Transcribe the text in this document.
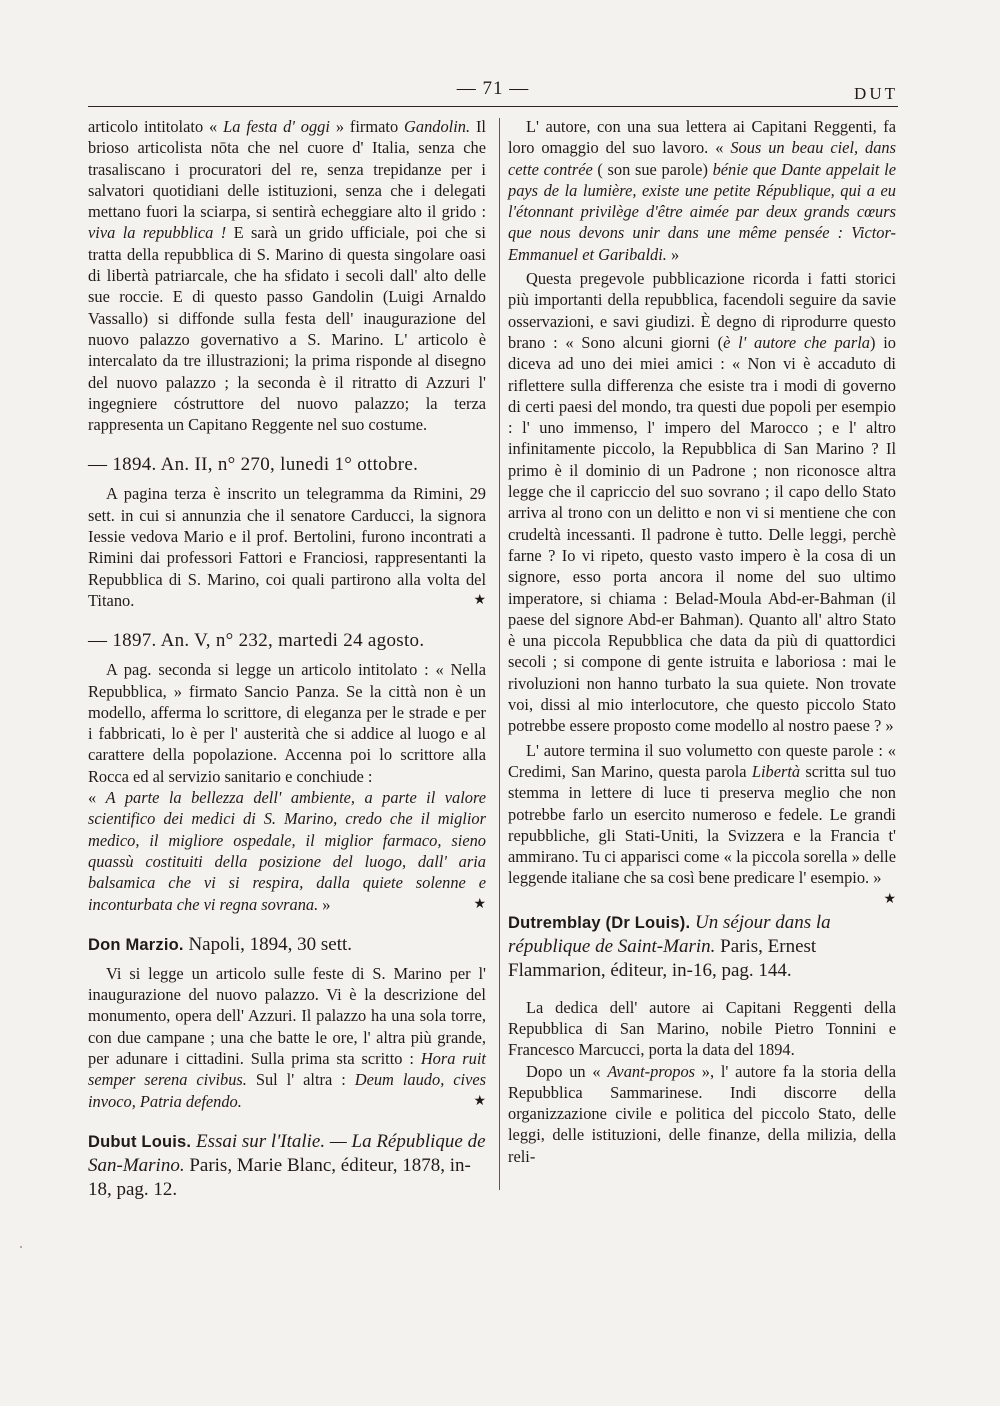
— 71 —	DUT

articolo intitolato « La festa d' oggi » firmato Gandolin. Il brioso articolista nōta che nel cuore d' Italia, senza che trasaliscano i procuratori del re, senza trepidanze per i salvatori quotidiani delle istituzioni, senza che i delegati mettano fuori la sciarpa, si sentirà echeggiare alto il grido : viva la repubblica ! E sarà un grido ufficiale, poi che si tratta della repubblica di S. Marino di questa singolare oasi di libertà patriarcale, che ha sfidato i secoli dall' alto delle sue roccie. E di questo passo Gandolin (Luigi Arnaldo Vassallo) si diffonde sulla festa dell' inaugurazione del nuovo palazzo governativo a S. Marino. L' articolo è intercalato da tre illustrazioni; la prima risponde al disegno del nuovo palazzo ; la seconda è il ritratto di Azzuri l' ingegniere cóstruttore del nuovo palazzo; la terza rappresenta un Capitano Reggente nel suo costume.

— 1894. An. II, n° 270, lunedi 1° ottobre.

A pagina terza è inscrito un telegramma da Rimini, 29 sett. in cui si annunzia che il senatore Carducci, la signora Iessie vedova Mario e il prof. Bertolini, furono incontrati a Rimini dai professori Fattori e Franciosi, rappresentanti la Repubblica di S. Marino, coi quali partirono alla volta del Titano.	★

— 1897. An. V, n° 232, martedi 24 agosto.

A pag. seconda si legge un articolo intitolato : « Nella Repubblica, » firmato Sancio Panza. Se la città non è un modello, afferma lo scrittore, di eleganza per le strade e per i fabbricati, lo è per l' austerità che si addice al luogo e al carattere della popolazione. Accenna poi lo scrittore alla Rocca ed al servizio sanitario e conchiude :

« A parte la bellezza dell' ambiente, a parte il valore scientifico dei medici di S. Marino, credo che il miglior medico, il migliore ospedale, il miglior farmaco, sieno quassù costituiti della posizione del luogo, dall' aria balsamica che vi si respira, dalla quiete solenne e inconturbata che vi regna sovrana. »	★

Don Marzio. Napoli, 1894, 30 sett.

Vi si legge un articolo sulle feste di S. Marino per l' inaugurazione del nuovo palazzo. Vi è la descrizione del monumento, opera dell' Azzuri. Il palazzo ha una sola torre, con due campane ; una che batte le ore, l' altra più grande, per adunare i cittadini. Sulla prima sta scritto : Hora ruit semper serena civibus. Sul l' altra : Deum laudo, cives invoco, Patria defendo.	★

Dubut Louis. Essai sur l'Italie. — La République de San-Marino. Paris, Marie Blanc, éditeur, 1878, in-18, pag. 12.

L' autore, con una sua lettera ai Capitani Reggenti, fa loro omaggio del suo lavoro. « Sous un beau ciel, dans cette contrée ( son sue parole) bénie que Dante appelait le pays de la lumière, existe une petite République, qui a eu l'étonnant privilège d'être aimée par deux grands cœurs que nous devons unir dans une même pensée : Victor-Emmanuel et Garibaldi. »

Questa pregevole pubblicazione ricorda i fatti storici più importanti della repubblica, facendoli seguire da savie osservazioni, e savi giudizi. È degno di riprodurre questo brano : « Sono alcuni giorni (è l' autore che parla) io diceva ad uno dei miei amici : « Non vi è accaduto di riflettere sulla differenza che esiste tra i modi di governo di certi paesi del mondo, tra questi due popoli per esempio : l' uno immenso, l' impero del Marocco ; e l' altro infinitamente piccolo, la Repubblica di San Marino ? Il primo è il dominio di un Padrone ; non riconosce altra legge che il capriccio del suo sovrano ; il capo dello Stato arriva al trono con un delitto e non vi si mentiene che con crudeltà incessanti. Il padrone è tutto. Delle leggi, perchè farne ? Io vi ripeto, questo vasto impero è la cosa di un signore, esso porta ancora il nome del suo ultimo imperatore, si chiama : Belad-Moula Abd-er-Bahman (il paese del signore Abd-er Bahman). Quanto all' altro Stato è una piccola Repubblica che data da più di quattordici secoli ; si compone di gente istruita e laboriosa : mai le rivoluzioni non hanno turbato la sua quiete. Non trovate voi, dissi al mio interlocutore, che questo piccolo Stato potrebbe essere proposto come modello al nostro paese ? »

L' autore termina il suo volumetto con queste parole : « Credimi, San Marino, questa parola Libertà scritta sul tuo stemma in lettere di luce ti preserva meglio che non potrebbe farlo un esercito numeroso e fedele. Le grandi repubbliche, gli Stati-Uniti, la Svizzera e la Francia t' ammirano. Tu ci apparisci come « la piccola sorella » delle leggende italiane che sa così bene predicare l' esempio. »
★

Dutremblay (Dr Louis). Un séjour dans la république de Saint-Marin. Paris, Ernest Flammarion, éditeur, in-16, pag. 144.

La dedica dell' autore ai Capitani Reggenti della Repubblica di San Marino, nobile Pietro Tonnini e Francesco Marcucci, porta la data del 1894.

Dopo un « Avant-propos », l' autore fa la storia della Repubblica Sammarinese. Indi discorre della organizzazione civile e politica del piccolo Stato, delle leggi, delle istituzioni, delle finanze, della milizia, della reli-
